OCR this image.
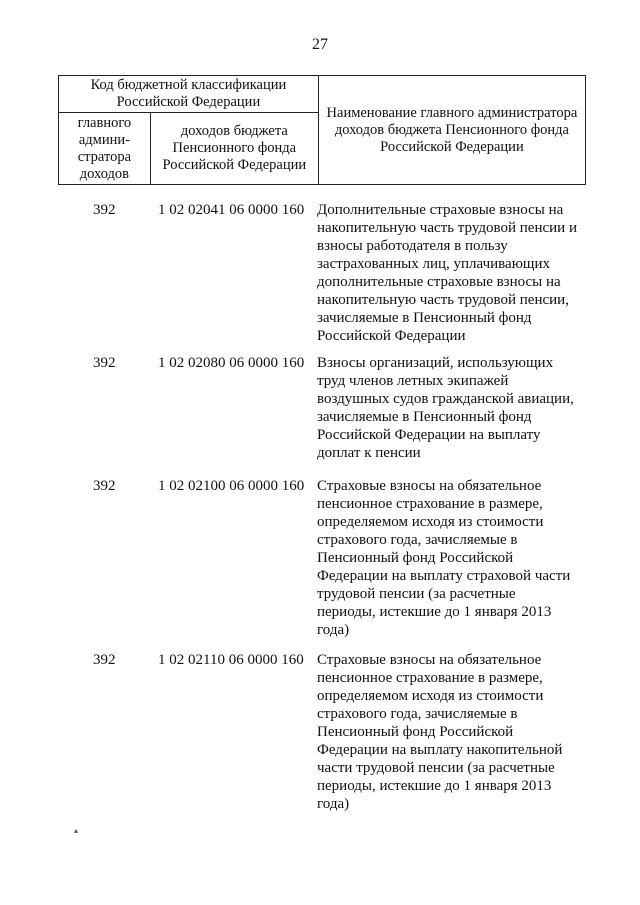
27
Код бюджетной классификации Российской Федерации		Наименование главного администратора доходов бюджета Пенсионного фонда Российской Федерации
главного админи-стратора доходов	доходов бюджета Пенсионного фонда Российской Федерации	
392	1 02 02041 06 0000 160 Дополнительные страховые взносы на
накопительную часть трудовой пенсии и
взносы работодателя в пользу
застрахованных лиц, уплачивающих
дополнительные страховые взносы на
накопительную часть трудовой пенсии,
зачисляемые в Пенсионный фонд
Российской Федерации
392	1 02 02080 06 0000 160 Взносы организаций, использующих
труд членов летных экипажей
воздушных судов гражданской авиации,
зачисляемые в Пенсионный фонд
Российской Федерации на выплату
доплат к пенсии
392	1 02 02100 06 0000 160 Страховые взносы на обязательное
пенсионное страхование в размере,
определяемом исходя из стоимости
страхового года, зачисляемые в
Пенсионный фонд Российской
Федерации на выплату страховой части
трудовой пенсии (за расчетные
периоды, истекшие до 1 января 2013
года)
392	1 02 02110 06 0000 160 Страховые взносы на обязательное
пенсионное страхование в размере,
определяемом исходя из стоимости
страхового года, зачисляемые в
Пенсионный фонд Российской
Федерации на выплату накопительной
части трудовой пенсии (за расчетные
периоды, истекшие до 1 января 2013
года)
▴
